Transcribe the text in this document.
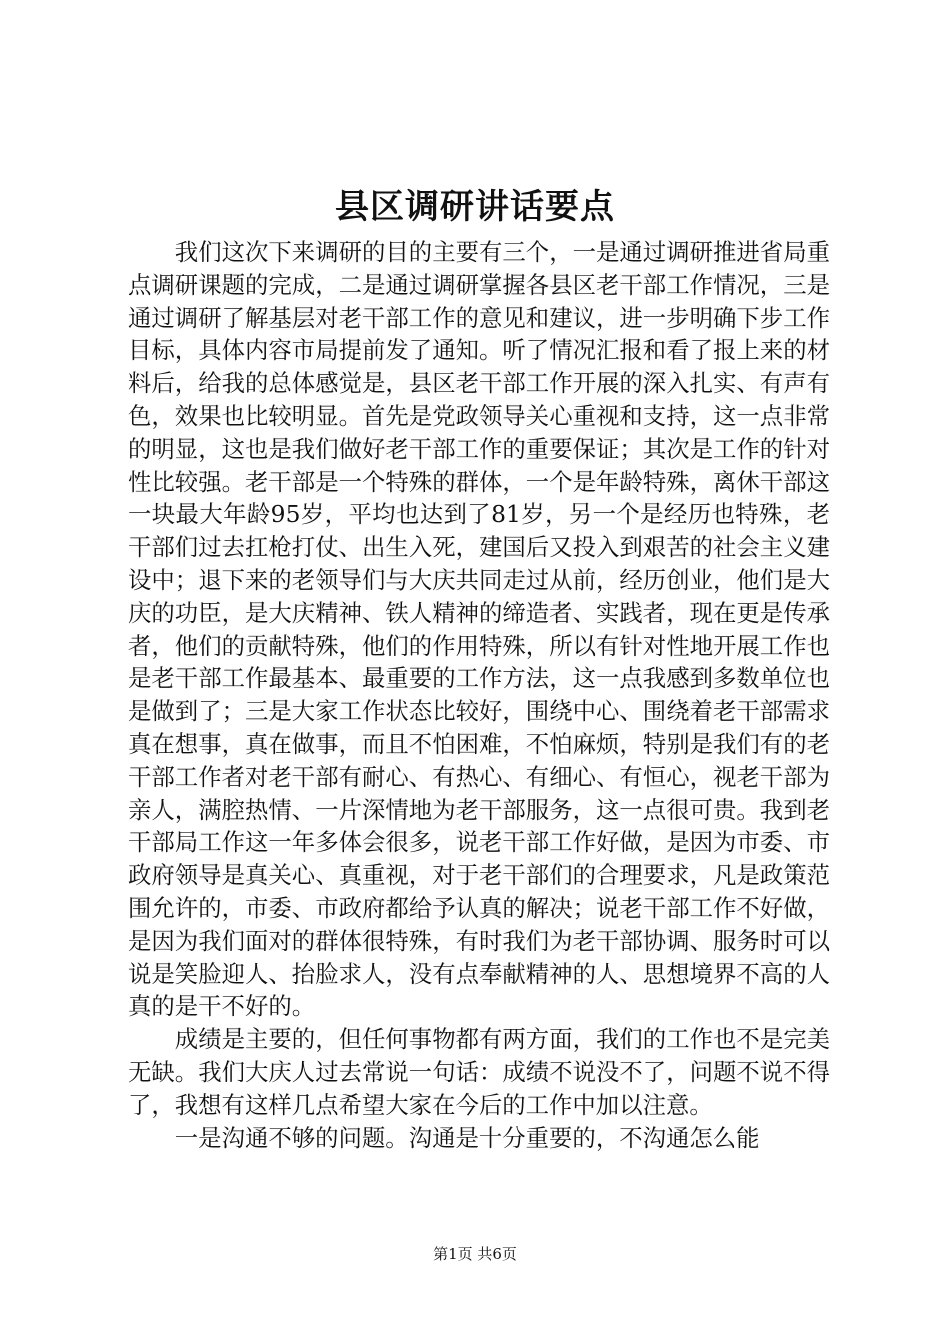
县区调研讲话要点

我们这次下来调研的目的主要有三个，一是通过调研推进省局重点调研课题的完成，二是通过调研掌握各县区老干部工作情况，三是通过调研了解基层对老干部工作的意见和建议，进一步明确下步工作目标，具体内容市局提前发了通知。听了情况汇报和看了报上来的材料后，给我的总体感觉是，县区老干部工作开展的深入扎实、有声有色，效果也比较明显。首先是党政领导关心重视和支持，这一点非常的明显，这也是我们做好老干部工作的重要保证；其次是工作的针对性比较强。老干部是一个特殊的群体，一个是年龄特殊，离休干部这一块最大年龄95岁，平均也达到了81岁，另一个是经历也特殊，老干部们过去扛枪打仗、出生入死，建国后又投入到艰苦的社会主义建设中；退下来的老领导们与大庆共同走过从前，经历创业，他们是大庆的功臣，是大庆精神、铁人精神的缔造者、实践者，现在更是传承者，他们的贡献特殊，他们的作用特殊，所以有针对性地开展工作也是老干部工作最基本、最重要的工作方法，这一点我感到多数单位也是做到了；三是大家工作状态比较好，围绕中心、围绕着老干部需求真在想事，真在做事，而且不怕困难，不怕麻烦，特别是我们有的老干部工作者对老干部有耐心、有热心、有细心、有恒心，视老干部为亲人，满腔热情、一片深情地为老干部服务，这一点很可贵。我到老干部局工作这一年多体会很多，说老干部工作好做，是因为市委、市政府领导是真关心、真重视，对于老干部们的合理要求，凡是政策范围允许的，市委、市政府都给予认真的解决；说老干部工作不好做，是因为我们面对的群体很特殊，有时我们为老干部协调、服务时可以说是笑脸迎人、抬脸求人，没有点奉献精神的人、思想境界不高的人真的是干不好的。

成绩是主要的，但任何事物都有两方面，我们的工作也不是完美无缺。我们大庆人过去常说一句话：成绩不说没不了，问题不说不得了，我想有这样几点希望大家在今后的工作中加以注意。

一是沟通不够的问题。沟通是十分重要的，不沟通怎么能

第1页 共6页
